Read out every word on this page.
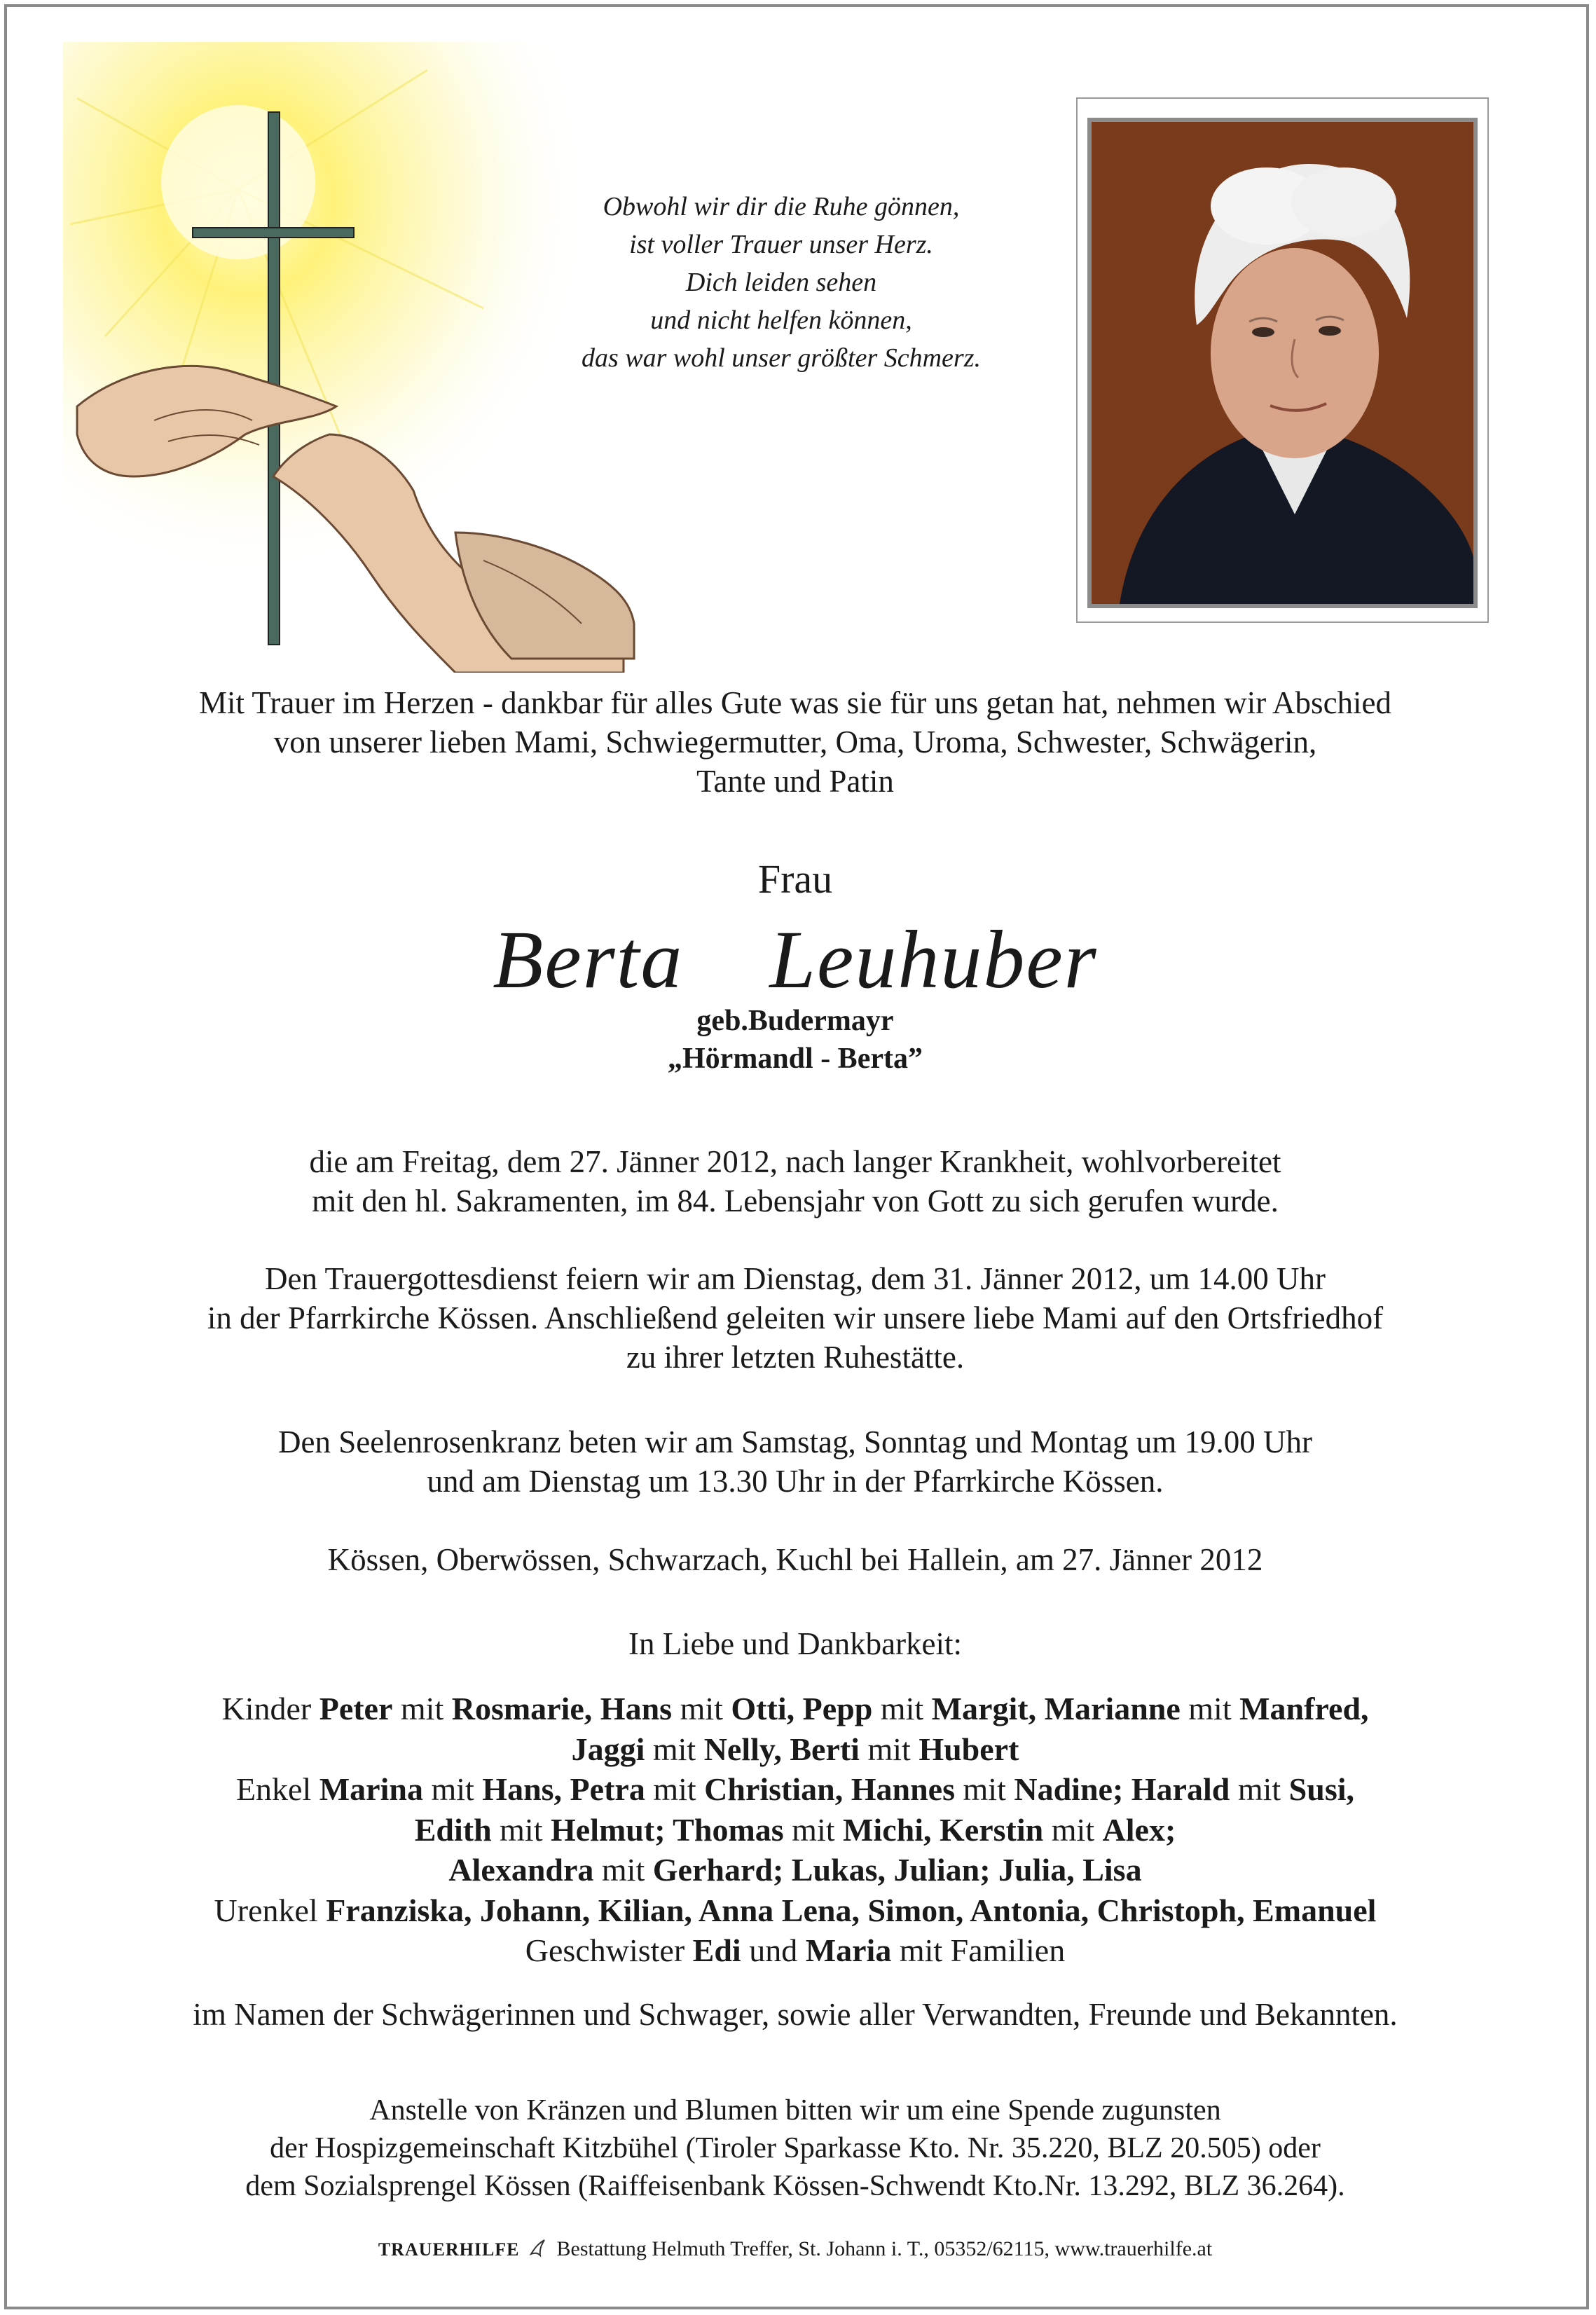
Obwohl wir dir die Ruhe gönnen,
ist voller Trauer unser Herz.
Dich leiden sehen
und nicht helfen können,
das war wohl unser größter Schmerz.
Mit Trauer im Herzen - dankbar für alles Gute was sie für uns getan hat, nehmen wir Abschied
von unserer lieben Mami, Schwiegermutter, Oma, Uroma, Schwester, Schwägerin,
Tante und Patin
Frau
Berta  Leuhuber
geb.Budermayr
„Hörmandl - Berta”
die am Freitag, dem 27. Jänner 2012, nach langer Krankheit, wohlvorbereitet
mit den hl. Sakramenten, im 84. Lebensjahr von Gott zu sich gerufen wurde.
Den Trauergottesdienst feiern wir am Dienstag, dem 31. Jänner 2012, um 14.00 Uhr
in der Pfarrkirche Kössen. Anschließend geleiten wir unsere liebe Mami auf den Ortsfriedhof
zu ihrer letzten Ruhestätte.
Den Seelenrosenkranz beten wir am Samstag, Sonntag und Montag um 19.00 Uhr
und am Dienstag um 13.30 Uhr in der Pfarrkirche Kössen.
Kössen, Oberwössen, Schwarzach, Kuchl bei Hallein, am 27. Jänner 2012
In Liebe und Dankbarkeit:
Kinder Peter mit Rosmarie, Hans mit Otti, Pepp mit Margit, Marianne mit Manfred,
Jaggi mit Nelly, Berti mit Hubert
Enkel Marina mit Hans, Petra mit Christian, Hannes mit Nadine; Harald mit Susi,
Edith mit Helmut; Thomas mit Michi, Kerstin mit Alex;
Alexandra mit Gerhard; Lukas, Julian; Julia, Lisa
Urenkel Franziska, Johann, Kilian, Anna Lena, Simon, Antonia, Christoph, Emanuel
Geschwister Edi und Maria mit Familien
im Namen der Schwägerinnen und Schwager, sowie aller Verwandten, Freunde und Bekannten.
Anstelle von Kränzen und Blumen bitten wir um eine Spende zugunsten
der Hospizgemeinschaft Kitzbühel (Tiroler Sparkasse Kto. Nr. 35.220, BLZ 20.505) oder
dem Sozialsprengel Kössen (Raiffeisenbank Kössen-Schwendt Kto.Nr. 13.292, BLZ 36.264).
TRAUERHILFE Bestattung Helmuth Treffer, St. Johann i. T., 05352/62115, www.trauerhilfe.at
